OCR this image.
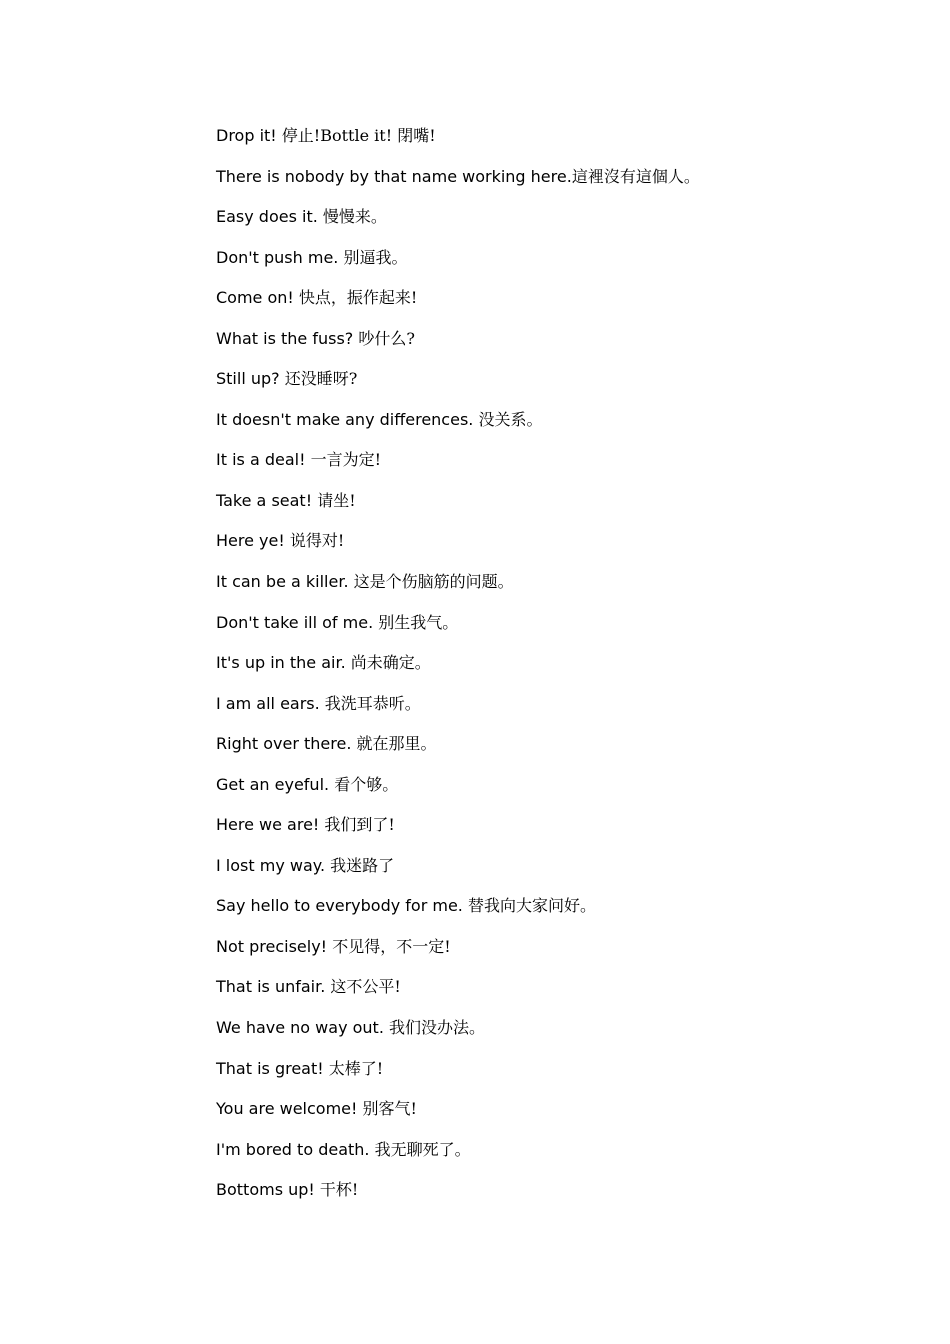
Drop it! 停止!Bottle it! 閉嘴!
There is nobody by that name working here.這裡沒有這個人。
Easy does it. 慢慢来。
Don't push me. 别逼我。
Come on! 快点，振作起来!
What is the fuss? 吵什么?
Still up? 还没睡呀?
It doesn't make any differences. 没关系。
It is a deal! 一言为定!
Take a seat! 请坐!
Here ye! 说得对!
It can be a killer. 这是个伤脑筋的问题。
Don't take ill of me. 别生我气。
It's up in the air. 尚未确定。
I am all ears. 我洗耳恭听。
Right over there. 就在那里。
Get an eyeful. 看个够。
Here we are! 我们到了!
I lost my way. 我迷路了
Say hello to everybody for me. 替我向大家问好。
Not precisely! 不见得，不一定!
That is unfair. 这不公平!
We have no way out. 我们没办法。
That is great! 太棒了!
You are welcome! 别客气!
I'm bored to death. 我无聊死了。
Bottoms up! 干杯!
